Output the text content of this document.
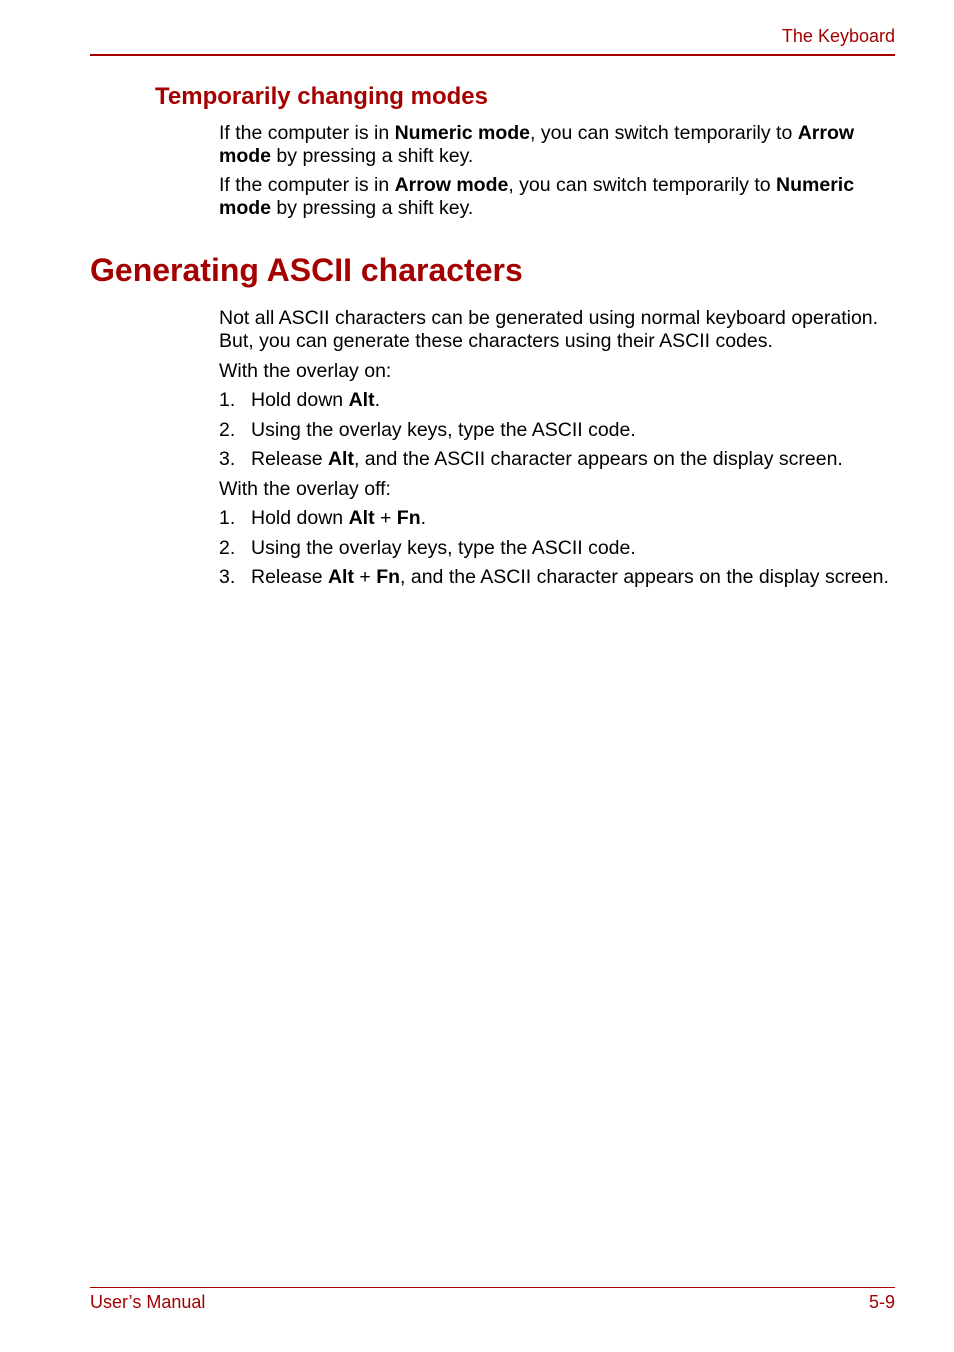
The Keyboard
Temporarily changing modes
If the computer is in Numeric mode, you can switch temporarily to Arrow mode by pressing a shift key.
If the computer is in Arrow mode, you can switch temporarily to Numeric mode by pressing a shift key.
Generating ASCII characters
Not all ASCII characters can be generated using normal keyboard operation. But, you can generate these characters using their ASCII codes.
With the overlay on:
1. Hold down Alt.
2. Using the overlay keys, type the ASCII code.
3. Release Alt, and the ASCII character appears on the display screen.
With the overlay off:
1. Hold down Alt + Fn.
2. Using the overlay keys, type the ASCII code.
3. Release Alt + Fn, and the ASCII character appears on the display screen.
User’s Manual	5-9
